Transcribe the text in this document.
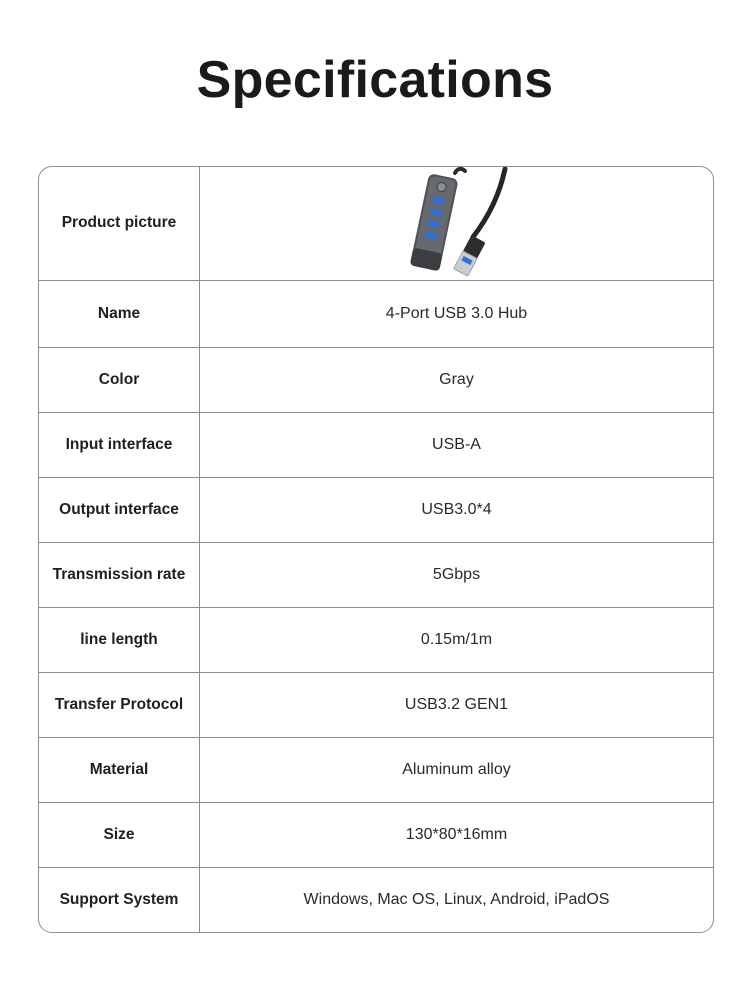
Specifications
Product picture	

Name	4-Port USB 3.0 Hub
Color	Gray
Input interface	USB-A
Output interface	USB3.0*4
Transmission rate	5Gbps
line length	0.15m/1m
Transfer Protocol	USB3.2 GEN1
Material	Aluminum alloy
Size	130*80*16mm
Support System	Windows, Mac OS, Linux, Android, iPadOS
